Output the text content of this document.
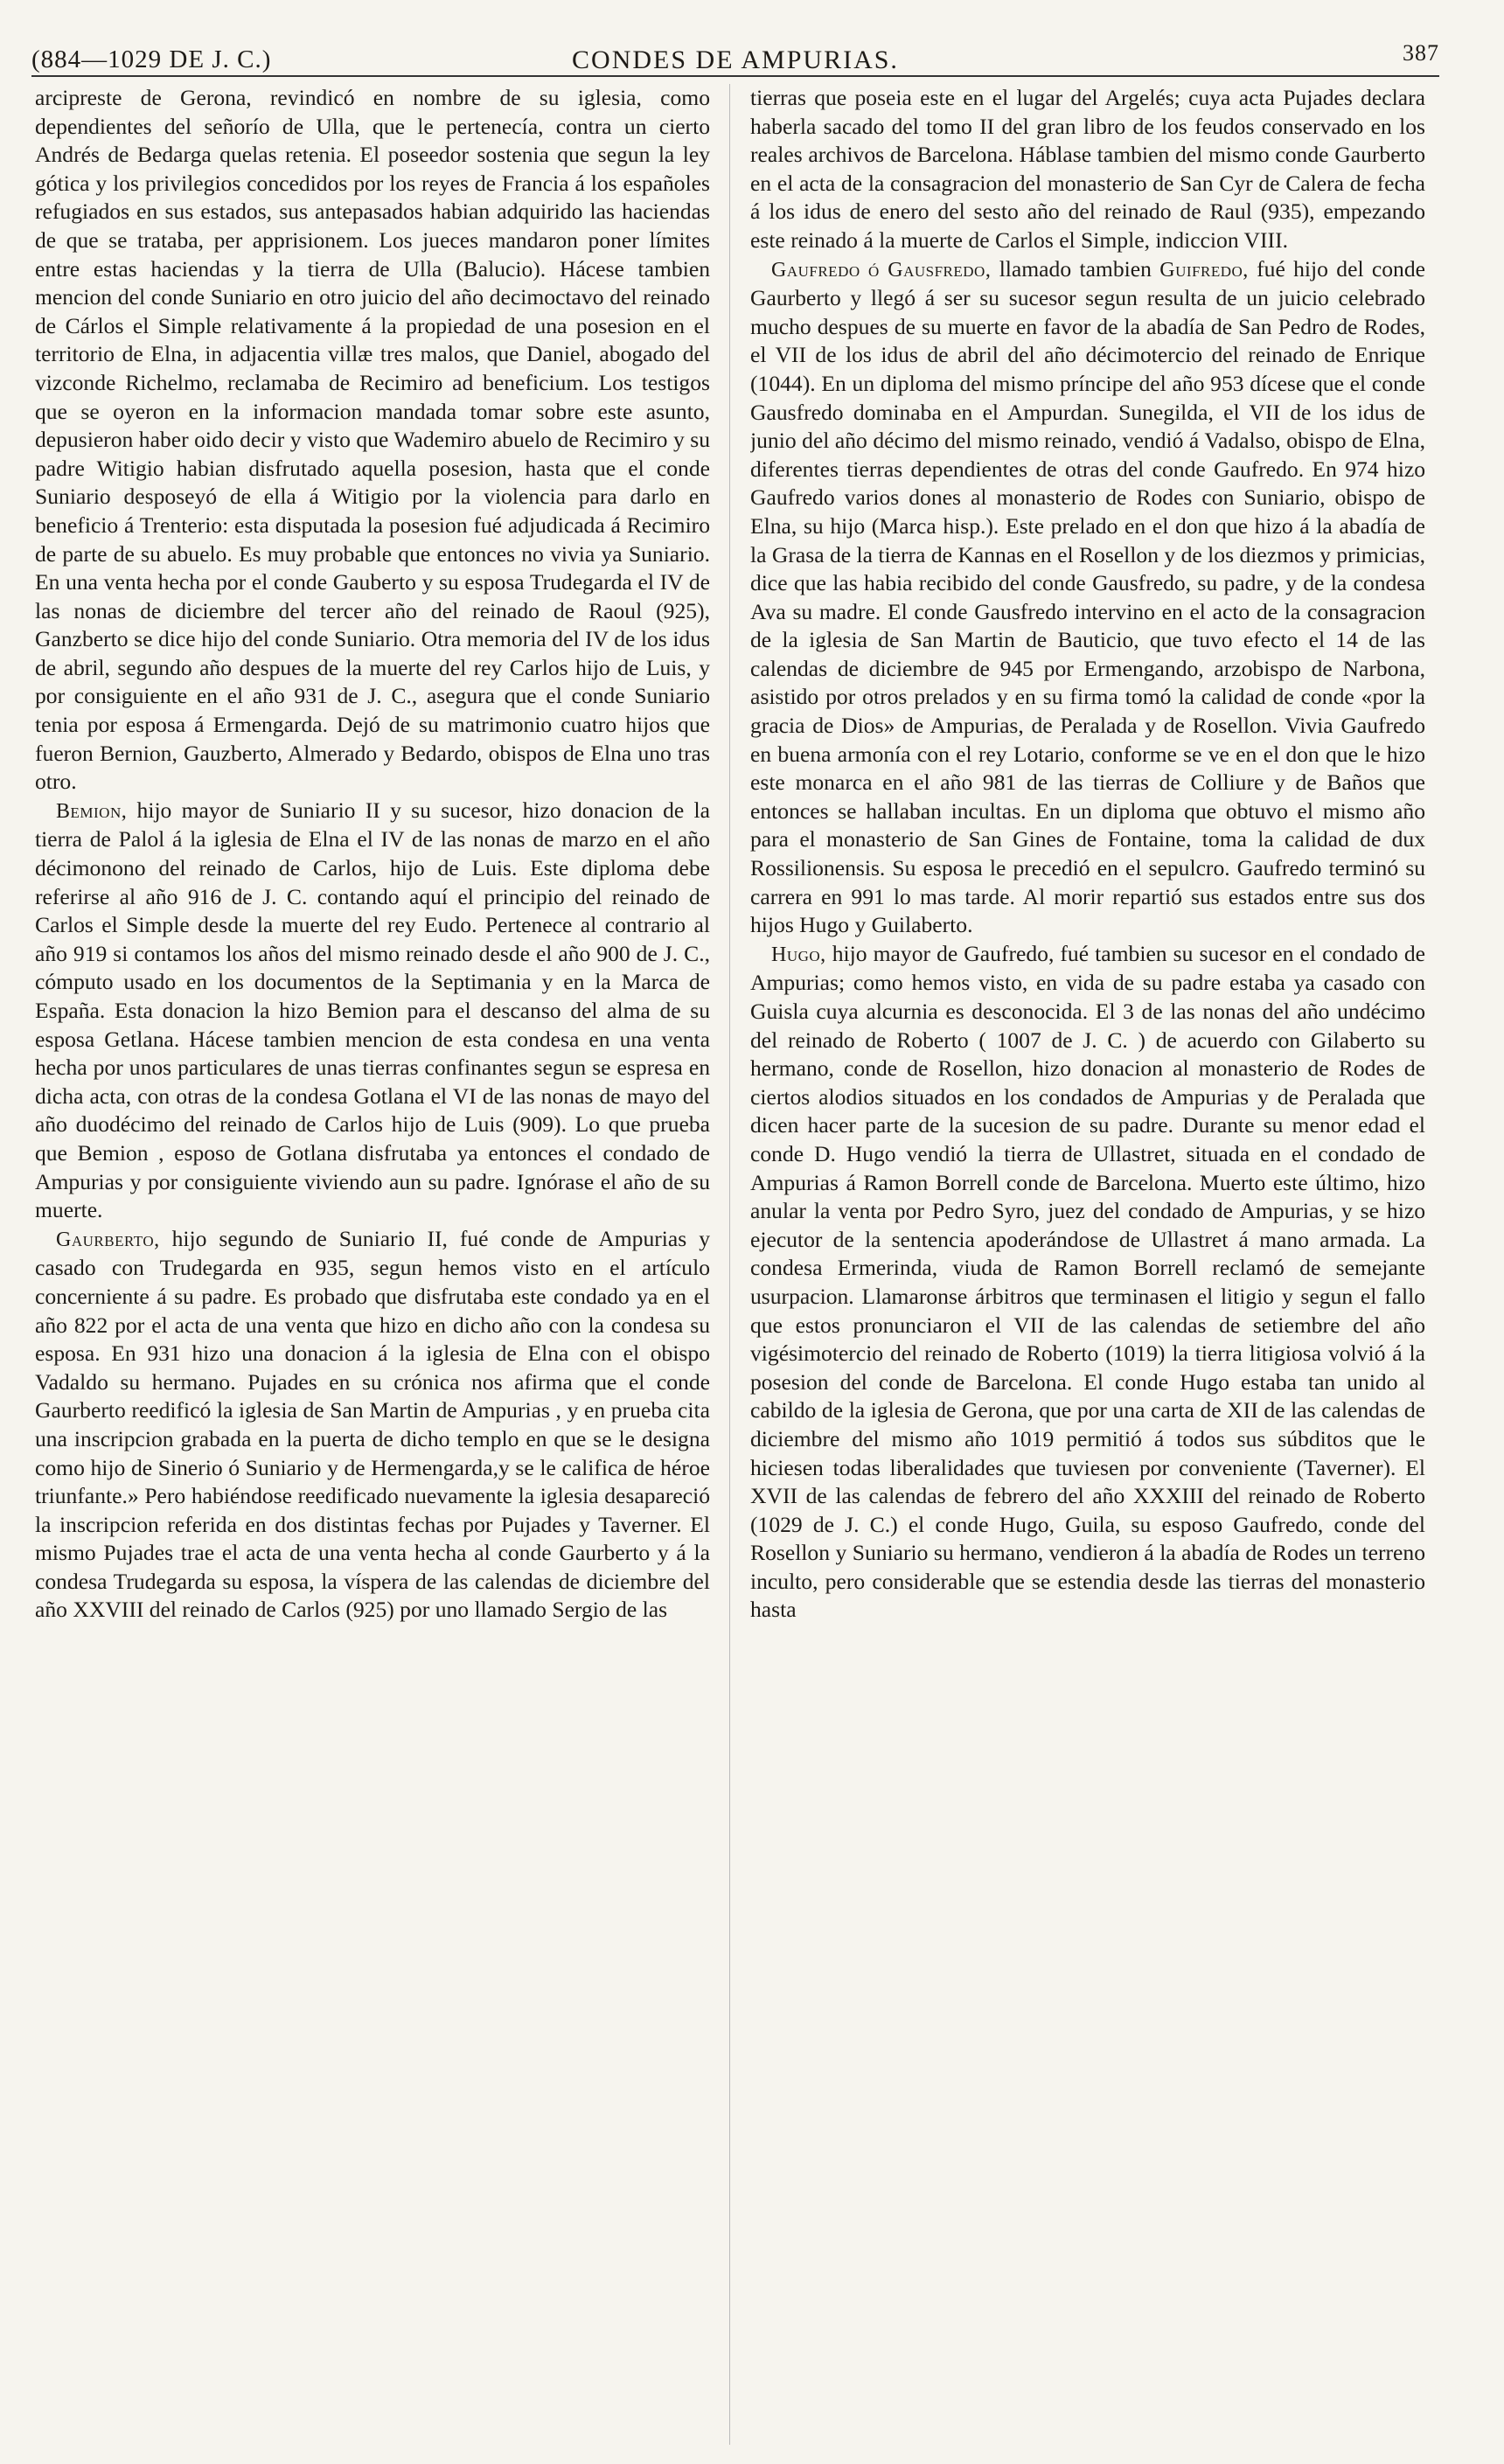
(884—1029 DE J. C.)	CONDES DE AMPURIAS.	387

arcipreste de Gerona, revindicó en nombre de su iglesia, como dependientes del señorío de Ulla, que le pertenecía, contra un cierto Andrés de Bedarga quelas retenia. El poseedor sostenia que segun la ley gótica y los privilegios concedidos por los reyes de Francia á los españoles refugiados en sus estados, sus antepasados habian adquirido las haciendas de que se trataba, per apprisionem. Los jueces mandaron poner límites entre estas haciendas y la tierra de Ulla (Balucio). Hácese tambien mencion del conde Suniario en otro juicio del año decimoctavo del reinado de Cárlos el Simple relativamente á la propiedad de una posesion en el territorio de Elna, in adjacentia villæ tres malos, que Daniel, abogado del vizconde Richelmo, reclamaba de Recimiro ad beneficium. Los testigos que se oyeron en la informacion mandada tomar sobre este asunto, depusieron haber oido decir y visto que Wademiro abuelo de Recimiro y su padre Witigio habian disfrutado aquella posesion, hasta que el conde Suniario desposeyó de ella á Witigio por la violencia para darlo en beneficio á Trenterio: esta disputada la posesion fué adjudicada á Recimiro de parte de su abuelo. Es muy probable que entonces no vivia ya Suniario. En una venta hecha por el conde Gauberto y su esposa Trudegarda el IV de las nonas de diciembre del tercer año del reinado de Raoul (925), Ganzberto se dice hijo del conde Suniario. Otra memoria del IV de los idus de abril, segundo año despues de la muerte del rey Carlos hijo de Luis, y por consiguiente en el año 931 de J. C., asegura que el conde Suniario tenia por esposa á Ermengarda. Dejó de su matrimonio cuatro hijos que fueron Bernion, Gauzberto, Almerado y Bedardo, obispos de Elna uno tras otro.

Bemion, hijo mayor de Suniario II y su sucesor, hizo donacion de la tierra de Palol á la iglesia de Elna el IV de las nonas de marzo en el año décimonono del reinado de Carlos, hijo de Luis. Este diploma debe referirse al año 916 de J. C. contando aquí el principio del reinado de Carlos el Simple desde la muerte del rey Eudo. Pertenece al contrario al año 919 si contamos los años del mismo reinado desde el año 900 de J. C., cómputo usado en los documentos de la Septimania y en la Marca de España. Esta donacion la hizo Bemion para el descanso del alma de su esposa Getlana. Hácese tambien mencion de esta condesa en una venta hecha por unos particulares de unas tierras confinantes segun se espresa en dicha acta, con otras de la condesa Gotlana el VI de las nonas de mayo del año duodécimo del reinado de Carlos hijo de Luis (909). Lo que prueba que Bemion , esposo de Gotlana disfrutaba ya entonces el condado de Ampurias y por consiguiente viviendo aun su padre. Ignórase el año de su muerte.

Gaurberto, hijo segundo de Suniario II, fué conde de Ampurias y casado con Trudegarda en 935, segun hemos visto en el artículo concerniente á su padre. Es probado que disfrutaba este condado ya en el año 822 por el acta de una venta que hizo en dicho año con la condesa su esposa. En 931 hizo una donacion á la iglesia de Elna con el obispo Vadaldo su hermano. Pujades en su crónica nos afirma que el conde Gaurberto reedificó la iglesia de San Martin de Ampurias , y en prueba cita una inscripcion grabada en la puerta de dicho templo en que se le designa como hijo de Sinerio ó Suniario y de Hermengarda,y se le califica de héroe triunfante.» Pero habiéndose reedificado nuevamente la iglesia desapareció la inscripcion referida en dos distintas fechas por Pujades y Taverner. El mismo Pujades trae el acta de una venta hecha al conde Gaurberto y á la condesa Trudegarda su esposa, la víspera de las calendas de diciembre del año XXVIII del reinado de Carlos (925) por uno llamado Sergio de las

tierras que poseia este en el lugar del Argelés; cuya acta Pujades declara haberla sacado del tomo II del gran libro de los feudos conservado en los reales archivos de Barcelona. Háblase tambien del mismo conde Gaurberto en el acta de la consagracion del monasterio de San Cyr de Calera de fecha á los idus de enero del sesto año del reinado de Raul (935), empezando este reinado á la muerte de Carlos el Simple, indiccion VIII.

Gaufredo ó Gausfredo, llamado tambien Guifredo, fué hijo del conde Gaurberto y llegó á ser su sucesor segun resulta de un juicio celebrado mucho despues de su muerte en favor de la abadía de San Pedro de Rodes, el VII de los idus de abril del año décimotercio del reinado de Enrique (1044). En un diploma del mismo príncipe del año 953 dícese que el conde Gausfredo dominaba en el Ampurdan. Sunegilda, el VII de los idus de junio del año décimo del mismo reinado, vendió á Vadalso, obispo de Elna, diferentes tierras dependientes de otras del conde Gaufredo. En 974 hizo Gaufredo varios dones al monasterio de Rodes con Suniario, obispo de Elna, su hijo (Marca hisp.). Este prelado en el don que hizo á la abadía de la Grasa de la tierra de Kannas en el Rosellon y de los diezmos y primicias, dice que las habia recibido del conde Gausfredo, su padre, y de la condesa Ava su madre. El conde Gausfredo intervino en el acto de la consagracion de la iglesia de San Martin de Bauticio, que tuvo efecto el 14 de las calendas de diciembre de 945 por Ermengando, arzobispo de Narbona, asistido por otros prelados y en su firma tomó la calidad de conde «por la gracia de Dios» de Ampurias, de Peralada y de Rosellon. Vivia Gaufredo en buena armonía con el rey Lotario, conforme se ve en el don que le hizo este monarca en el año 981 de las tierras de Colliure y de Baños que entonces se hallaban incultas. En un diploma que obtuvo el mismo año para el monasterio de San Gines de Fontaine, toma la calidad de dux Rossilionensis. Su esposa le precedió en el sepulcro. Gaufredo terminó su carrera en 991 lo mas tarde. Al morir repartió sus estados entre sus dos hijos Hugo y Guilaberto.

Hugo, hijo mayor de Gaufredo, fué tambien su sucesor en el condado de Ampurias; como hemos visto, en vida de su padre estaba ya casado con Guisla cuya alcurnia es desconocida. El 3 de las nonas del año undécimo del reinado de Roberto ( 1007 de J. C. ) de acuerdo con Gilaberto su hermano, conde de Rosellon, hizo donacion al monasterio de Rodes de ciertos alodios situados en los condados de Ampurias y de Peralada que dicen hacer parte de la sucesion de su padre. Durante su menor edad el conde D. Hugo vendió la tierra de Ullastret, situada en el condado de Ampurias á Ramon Borrell conde de Barcelona. Muerto este último, hizo anular la venta por Pedro Syro, juez del condado de Ampurias, y se hizo ejecutor de la sentencia apoderándose de Ullastret á mano armada. La condesa Ermerinda, viuda de Ramon Borrell reclamó de semejante usurpacion. Llamaronse árbitros que terminasen el litigio y segun el fallo que estos pronunciaron el VII de las calendas de setiembre del año vigésimotercio del reinado de Roberto (1019) la tierra litigiosa volvió á la posesion del conde de Barcelona. El conde Hugo estaba tan unido al cabildo de la iglesia de Gerona, que por una carta de XII de las calendas de diciembre del mismo año 1019 permitió á todos sus súbditos que le hiciesen todas liberalidades que tuviesen por conveniente (Taverner). El XVII de las calendas de febrero del año XXXIII del reinado de Roberto (1029 de J. C.) el conde Hugo, Guila, su esposo Gaufredo, conde del Rosellon y Suniario su hermano, vendieron á la abadía de Rodes un terreno inculto, pero considerable que se estendia desde las tierras del monasterio hasta
